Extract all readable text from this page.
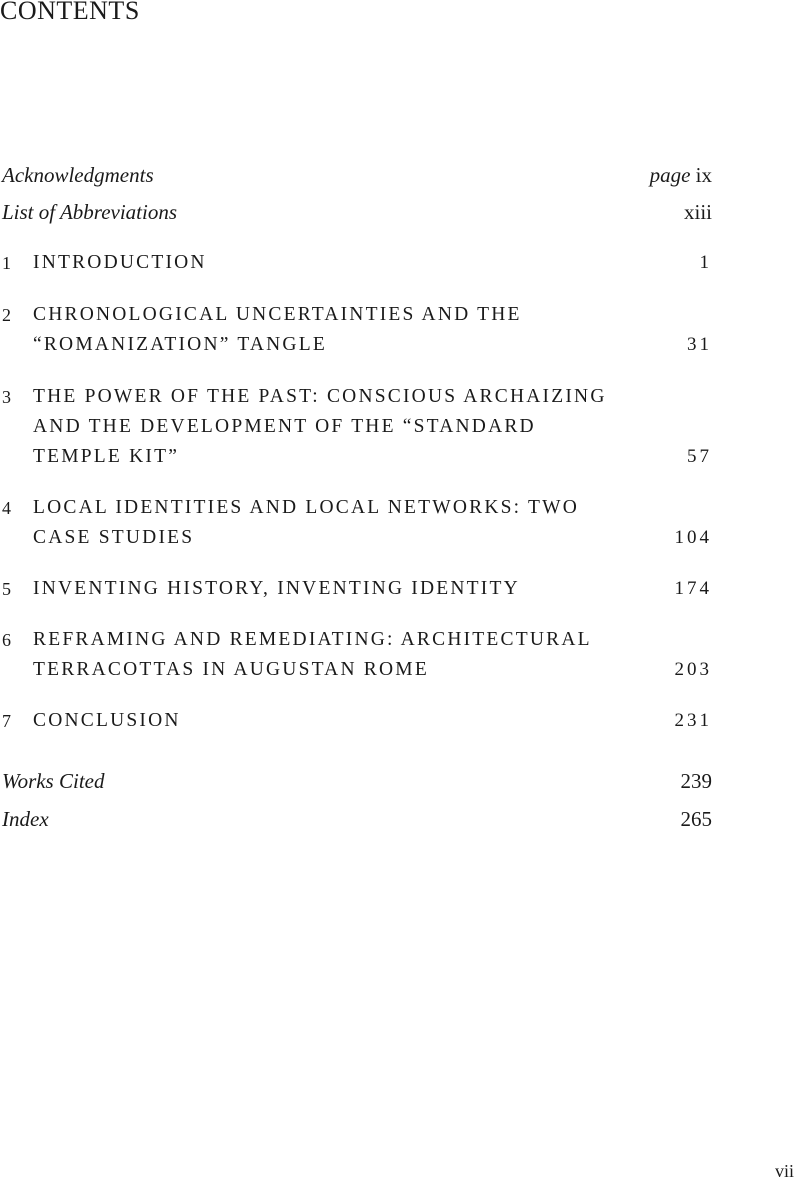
CONTENTS
Acknowledgments	page ix
List of Abbreviations	xiii
1 INTRODUCTION	1
2 CHRONOLOGICAL UNCERTAINTIES AND THE
“ROMANIZATION” TANGLE	31
3 THE POWER OF THE PAST: CONSCIOUS ARCHAIZING
AND THE DEVELOPMENT OF THE “STANDARD
TEMPLE KIT”	57
4 LOCAL IDENTITIES AND LOCAL NETWORKS: TWO
CASE STUDIES	104
5 INVENTING HISTORY, INVENTING IDENTITY	174
6 REFRAMING AND REMEDIATING: ARCHITECTURAL
TERRACOTTAS IN AUGUSTAN ROME	203
7 CONCLUSION	231
Works Cited	239
Index	265
vii
